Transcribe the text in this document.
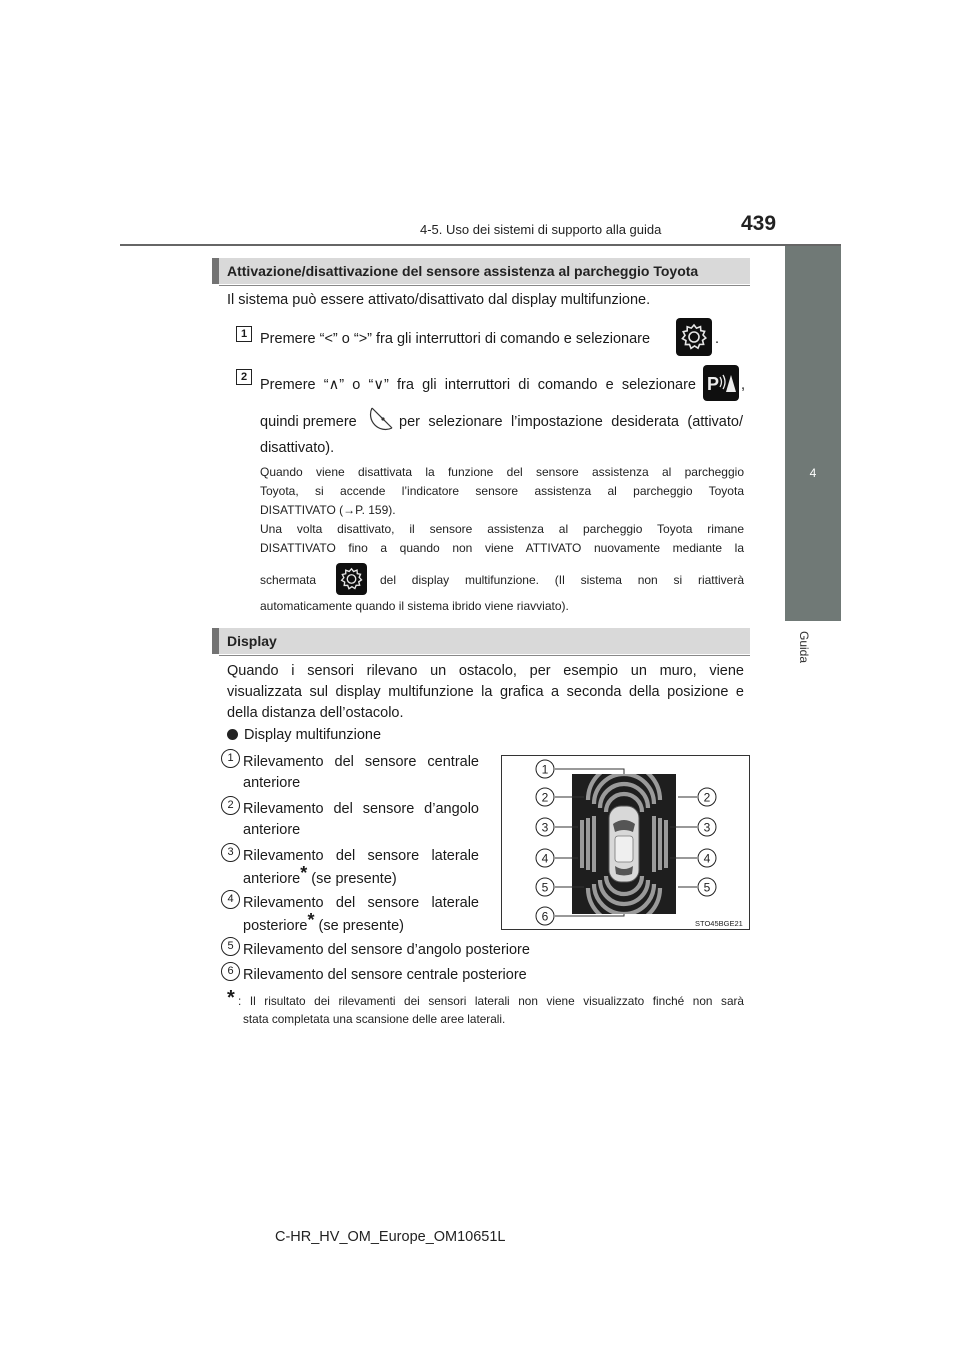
4-5. Uso dei sistemi di supporto alla guida	439
4
Guida
Attivazione/disattivazione del sensore assistenza al parcheggio Toyota
Il sistema può essere attivato/disattivato dal display multifunzione.
1 Premere “<” o “>” fra gli interruttori di comando e selezionare	.
2 Premere “∧” o “∨” fra gli interruttori di comando e selezionare P ,
quindi premere	per selezionare l’impostazione desiderata (attivato/
disattivato).
Quando viene disattivata la funzione del sensore assistenza al parcheggio
Toyota, si accende l’indicatore sensore assistenza al parcheggio Toyota
DISATTIVATO (→P. 159).
Una volta disattivato, il sensore assistenza al parcheggio Toyota rimane
DISATTIVATO fino a quando non viene ATTIVATO nuovamente mediante la
schermata	del display multifunzione. (Il sistema non si riattiverà
automaticamente quando il sistema ibrido viene riavviato).
Display
Quando i sensori rilevano un ostacolo, per esempio un muro, viene
visualizzata sul display multifunzione la grafica a seconda della posizione e
della distanza dell’ostacolo.
Display multifunzione
1 Rilevamento del sensore centrale
anteriore
2 Rilevamento del sensore d’angolo
anteriore
3 Rilevamento del sensore laterale
anteriore* (se presente)
4 Rilevamento del sensore laterale
posteriore* (se presente)
5 Rilevamento del sensore d’angolo posteriore
6 Rilevamento del sensore centrale posteriore
1
2	2
3	3
4	4
5	5
6	STO45BGE21
* : Il risultato dei rilevamenti dei sensori laterali non viene visualizzato finché non sarà
stata completata una scansione delle aree laterali.
C-HR_HV_OM_Europe_OM10651L
